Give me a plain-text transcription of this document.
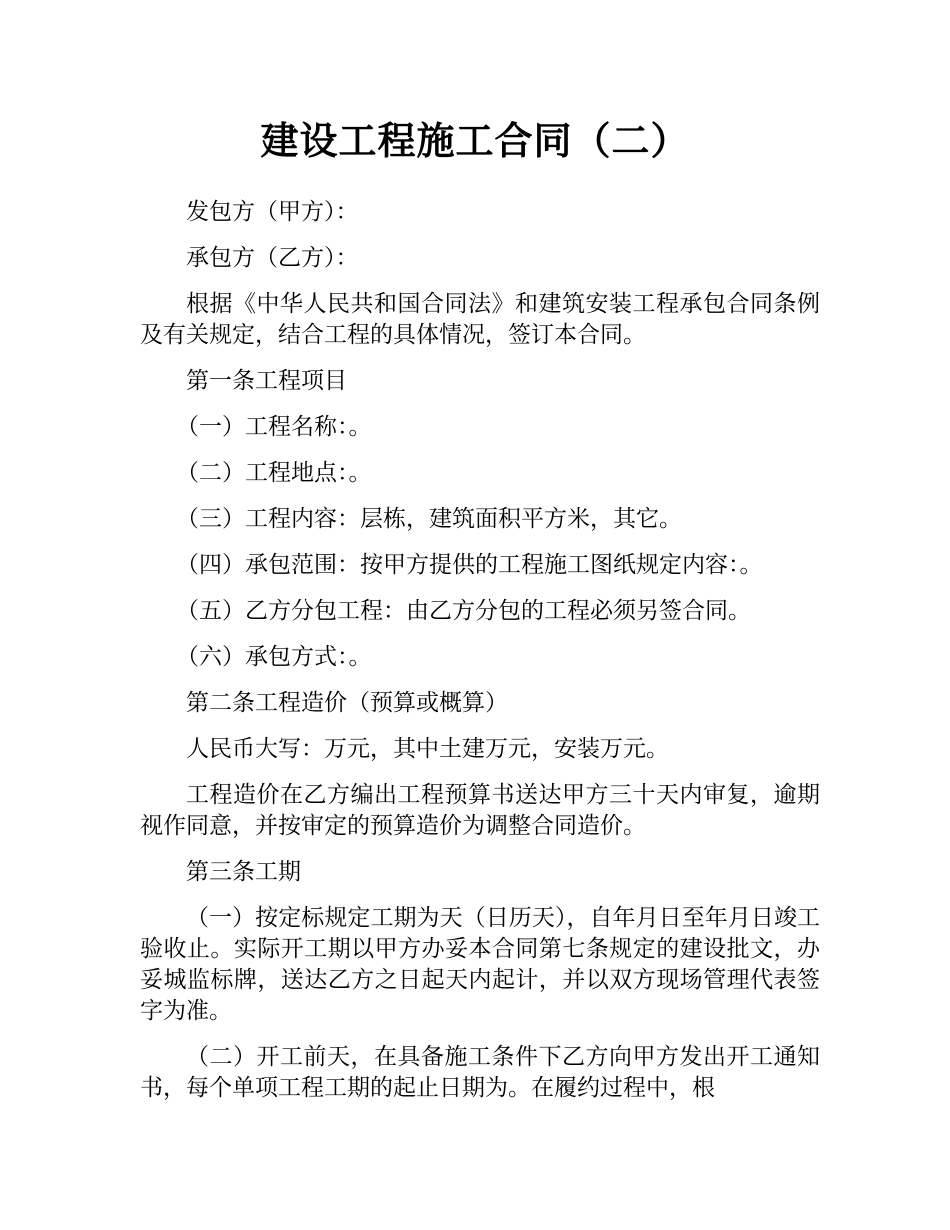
建设工程施工合同（二）

发包方（甲方）：

承包方（乙方）：

根据《中华人民共和国合同法》和建筑安装工程承包合同条例及有关规定，结合工程的具体情况，签订本合同。

第一条工程项目

（一）工程名称：。

（二）工程地点：。

（三）工程内容：层栋，建筑面积平方米，其它。

（四）承包范围：按甲方提供的工程施工图纸规定内容：。

（五）乙方分包工程：由乙方分包的工程必须另签合同。

（六）承包方式：。

第二条工程造价（预算或概算）

人民币大写：万元，其中土建万元，安装万元。

工程造价在乙方编出工程预算书送达甲方三十天内审复，逾期视作同意，并按审定的预算造价为调整合同造价。

第三条工期

（一）按定标规定工期为天（日历天），自年月日至年月日竣工验收止。实际开工期以甲方办妥本合同第七条规定的建设批文，办妥城监标牌，送达乙方之日起天内起计，并以双方现场管理代表签字为准。

（二）开工前天，在具备施工条件下乙方向甲方发出开工通知书，每个单项工程工期的起止日期为。在履约过程中，根
